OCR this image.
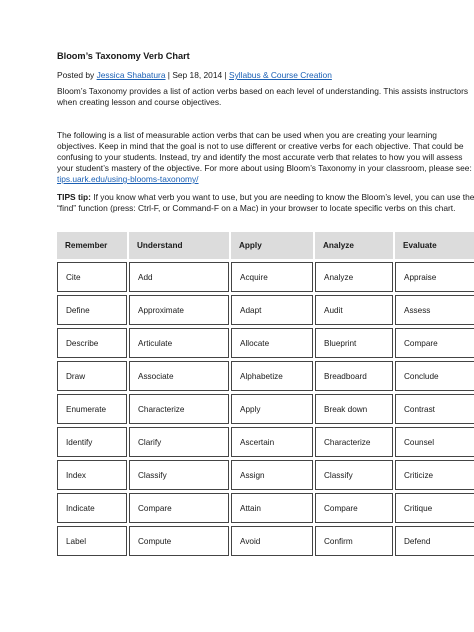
Bloom’s Taxonomy Verb Chart
Posted by Jessica Shabatura | Sep 18, 2014 | Syllabus & Course Creation
Bloom’s Taxonomy provides a list of action verbs based on each level of understanding. This assists instructors when creating lesson and course objectives.
The following is a list of measurable action verbs that can be used when you are creating your learning objectives. Keep in mind that the goal is not to use different or creative verbs for each objective. That could be confusing to your students. Instead, try and identify the most accurate verb that relates to how you will assess your student’s mastery of the objective. For more about using Bloom’s Taxonomy in your classroom, please see: tips.uark.edu/using-blooms-taxonomy/
TIPS tip: If you know what verb you want to use, but you are needing to know the Bloom’s level, you can use the “find” function (press: Ctrl-F, or Command-F on a Mac) in your browser to locate specific verbs on this chart.
Remember	Understand	Apply	Analyze	Evaluate
Cite	Add	Acquire	Analyze	Appraise
Define	Approximate	Adapt	Audit	Assess
Describe	Articulate	Allocate	Blueprint	Compare
Draw	Associate	Alphabetize	Breadboard	Conclude
Enumerate	Characterize	Apply	Break down	Contrast
Identify	Clarify	Ascertain	Characterize	Counsel
Index	Classify	Assign	Classify	Criticize
Indicate	Compare	Attain	Compare	Critique
Label	Compute	Avoid	Confirm	Defend
